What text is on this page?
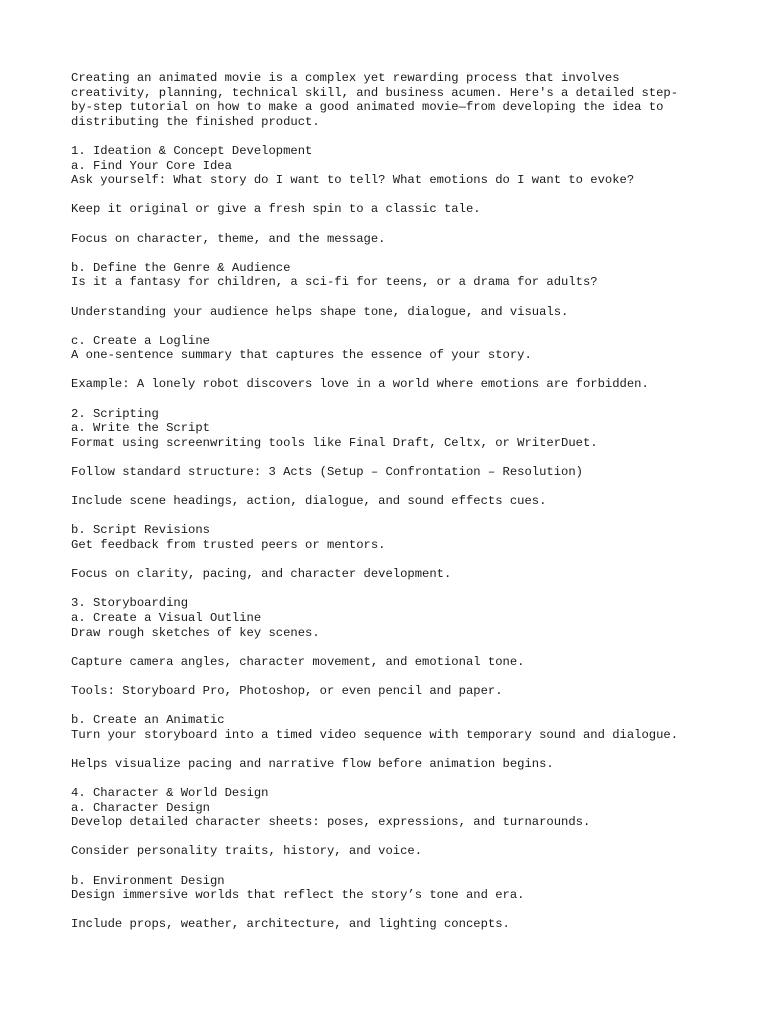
Creating an animated movie is a complex yet rewarding process that involves
creativity, planning, technical skill, and business acumen. Here's a detailed step-
by-step tutorial on how to make a good animated movie—from developing the idea to
distributing the finished product.
1. Ideation & Concept Development
a. Find Your Core Idea
Ask yourself: What story do I want to tell? What emotions do I want to evoke?
Keep it original or give a fresh spin to a classic tale.
Focus on character, theme, and the message.
b. Define the Genre & Audience
Is it a fantasy for children, a sci-fi for teens, or a drama for adults?
Understanding your audience helps shape tone, dialogue, and visuals.
c. Create a Logline
A one-sentence summary that captures the essence of your story.
Example: A lonely robot discovers love in a world where emotions are forbidden.
2. Scripting
a. Write the Script
Format using screenwriting tools like Final Draft, Celtx, or WriterDuet.
Follow standard structure: 3 Acts (Setup – Confrontation – Resolution)
Include scene headings, action, dialogue, and sound effects cues.
b. Script Revisions
Get feedback from trusted peers or mentors.
Focus on clarity, pacing, and character development.
3. Storyboarding
a. Create a Visual Outline
Draw rough sketches of key scenes.
Capture camera angles, character movement, and emotional tone.
Tools: Storyboard Pro, Photoshop, or even pencil and paper.
b. Create an Animatic
Turn your storyboard into a timed video sequence with temporary sound and dialogue.
Helps visualize pacing and narrative flow before animation begins.
4. Character & World Design
a. Character Design
Develop detailed character sheets: poses, expressions, and turnarounds.
Consider personality traits, history, and voice.
b. Environment Design
Design immersive worlds that reflect the story’s tone and era.
Include props, weather, architecture, and lighting concepts.
